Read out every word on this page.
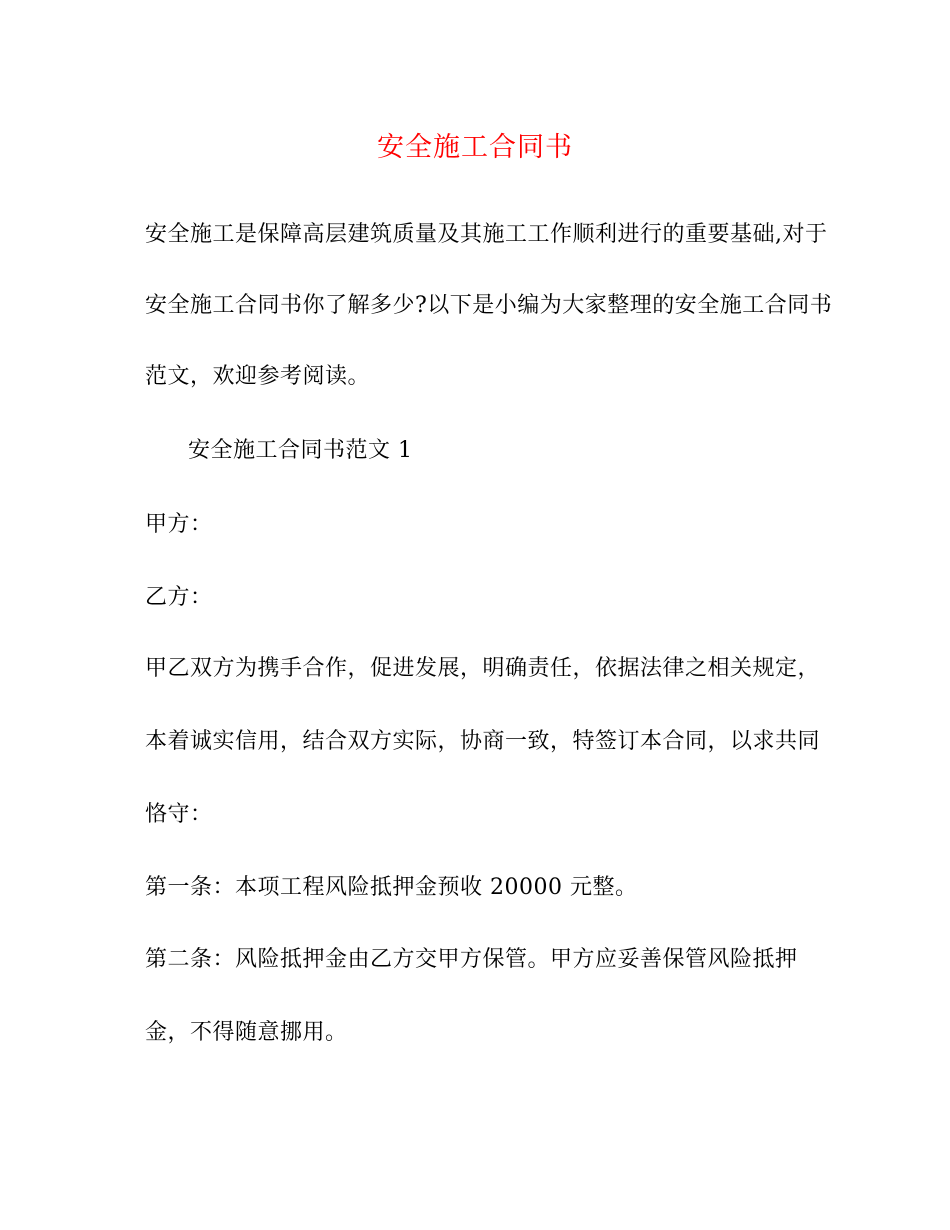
安全施工合同书
安全施工是保障高层建筑质量及其施工工作顺利进行的重要基础,对于
安全施工合同书你了解多少?以下是小编为大家整理的安全施工合同书
范文，欢迎参考阅读。
安全施工合同书范文 1
甲方：
乙方：
甲乙双方为携手合作，促进发展，明确责任，依据法律之相关规定，
本着诚实信用，结合双方实际，协商一致，特签订本合同，以求共同
恪守：
第一条：本项工程风险抵押金预收 20000 元整。
第二条：风险抵押金由乙方交甲方保管。甲方应妥善保管风险抵押
金，不得随意挪用。
